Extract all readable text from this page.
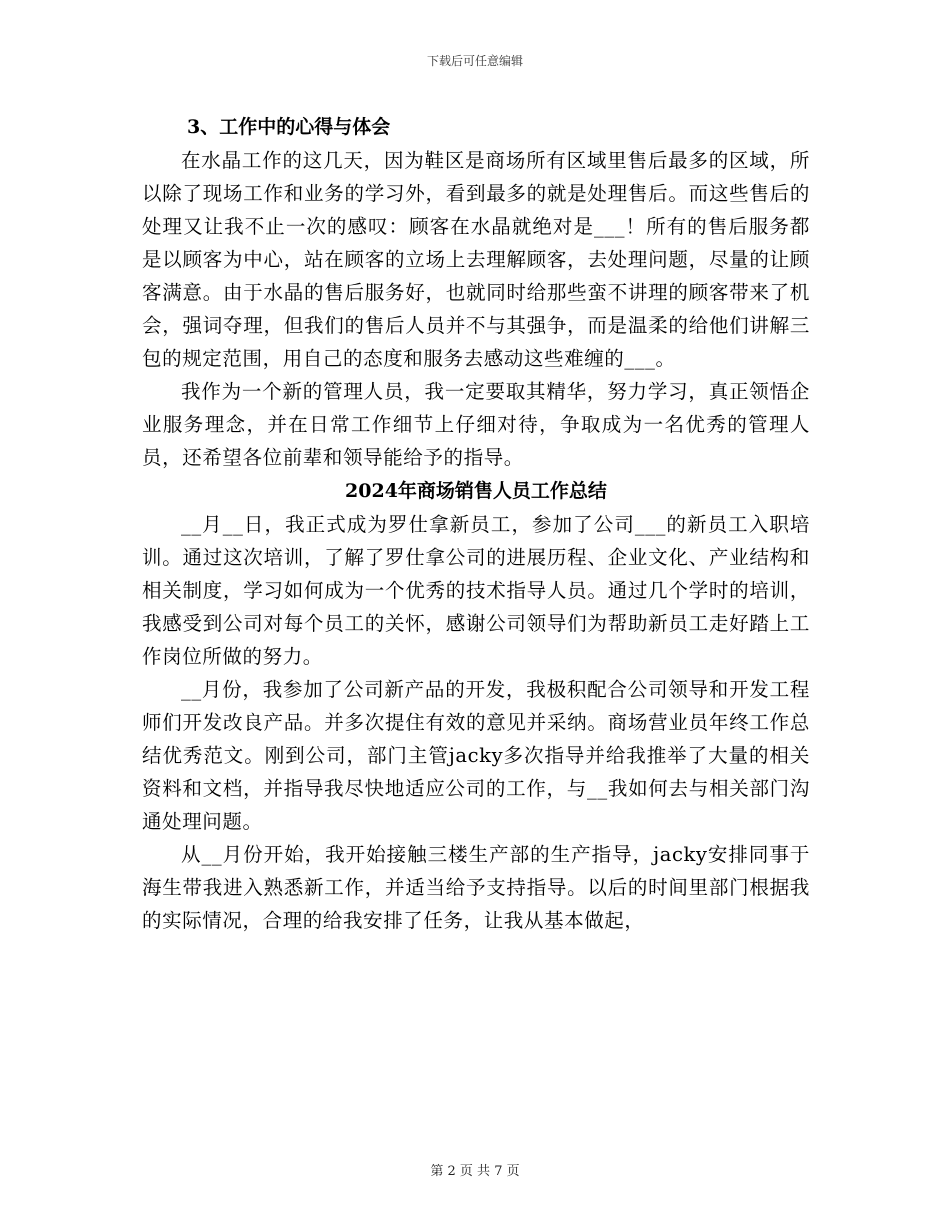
下载后可任意编辑
3、工作中的心得与体会

在水晶工作的这几天，因为鞋区是商场所有区域里售后最多的区域，所以除了现场工作和业务的学习外，看到最多的就是处理售后。而这些售后的处理又让我不止一次的感叹：顾客在水晶就绝对是___！所有的售后服务都是以顾客为中心，站在顾客的立场上去理解顾客，去处理问题，尽量的让顾客满意。由于水晶的售后服务好，也就同时给那些蛮不讲理的顾客带来了机会，强词夺理，但我们的售后人员并不与其强争，而是温柔的给他们讲解三包的规定范围，用自己的态度和服务去感动这些难缠的___。

我作为一个新的管理人员，我一定要取其精华，努力学习，真正领悟企业服务理念，并在日常工作细节上仔细对待，争取成为一名优秀的管理人员，还希望各位前辈和领导能给予的指导。

2024年商场销售人员工作总结

__月__日，我正式成为罗仕拿新员工，参加了公司___的新员工入职培训。通过这次培训，了解了罗仕拿公司的进展历程、企业文化、产业结构和相关制度，学习如何成为一个优秀的技术指导人员。通过几个学时的培训，我感受到公司对每个员工的关怀，感谢公司领导们为帮助新员工走好踏上工作岗位所做的努力。

__月份，我参加了公司新产品的开发，我极积配合公司领导和开发工程师们开发改良产品。并多次提住有效的意见并采纳。商场营业员年终工作总结优秀范文。刚到公司，部门主管jacky多次指导并给我推举了大量的相关资料和文档，并指导我尽快地适应公司的工作，与__我如何去与相关部门沟通处理问题。

从__月份开始，我开始接触三楼生产部的生产指导，jacky安排同事于海生带我进入熟悉新工作，并适当给予支持指导。以后的时间里部门根据我的实际情况，合理的给我安排了任务，让我从基本做起，

第 2 页 共 7 页
